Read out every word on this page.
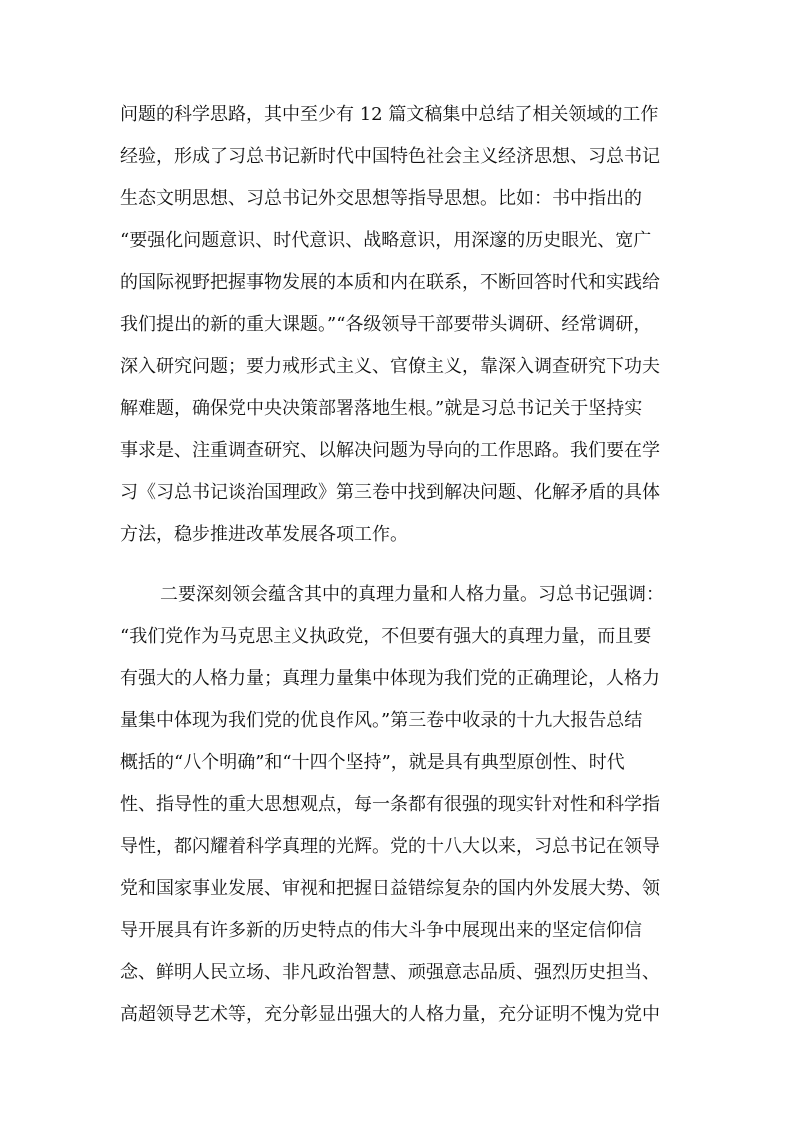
问题的科学思路，其中至少有 12 篇文稿集中总结了相关领域的工作
经验，形成了习总书记新时代中国特色社会主义经济思想、习总书记
生态文明思想、习总书记外交思想等指导思想。比如：书中指出的
“要强化问题意识、时代意识、战略意识，用深邃的历史眼光、宽广
的国际视野把握事物发展的本质和内在联系，不断回答时代和实践给
我们提出的新的重大课题。”“各级领导干部要带头调研、经常调研，
深入研究问题；要力戒形式主义、官僚主义，靠深入调查研究下功夫
解难题，确保党中央决策部署落地生根。”就是习总书记关于坚持实
事求是、注重调查研究、以解决问题为导向的工作思路。我们要在学
习《习总书记谈治国理政》第三卷中找到解决问题、化解矛盾的具体
方法，稳步推进改革发展各项工作。
二要深刻领会蕴含其中的真理力量和人格力量。习总书记强调：
“我们党作为马克思主义执政党，不但要有强大的真理力量，而且要
有强大的人格力量；真理力量集中体现为我们党的正确理论，人格力
量集中体现为我们党的优良作风。”第三卷中收录的十九大报告总结
概括的“八个明确”和“十四个坚持”，就是具有典型原创性、时代
性、指导性的重大思想观点，每一条都有很强的现实针对性和科学指
导性，都闪耀着科学真理的光辉。党的十八大以来，习总书记在领导
党和国家事业发展、审视和把握日益错综复杂的国内外发展大势、领
导开展具有许多新的历史特点的伟大斗争中展现出来的坚定信仰信
念、鲜明人民立场、非凡政治智慧、顽强意志品质、强烈历史担当、
高超领导艺术等，充分彰显出强大的人格力量，充分证明不愧为党中
